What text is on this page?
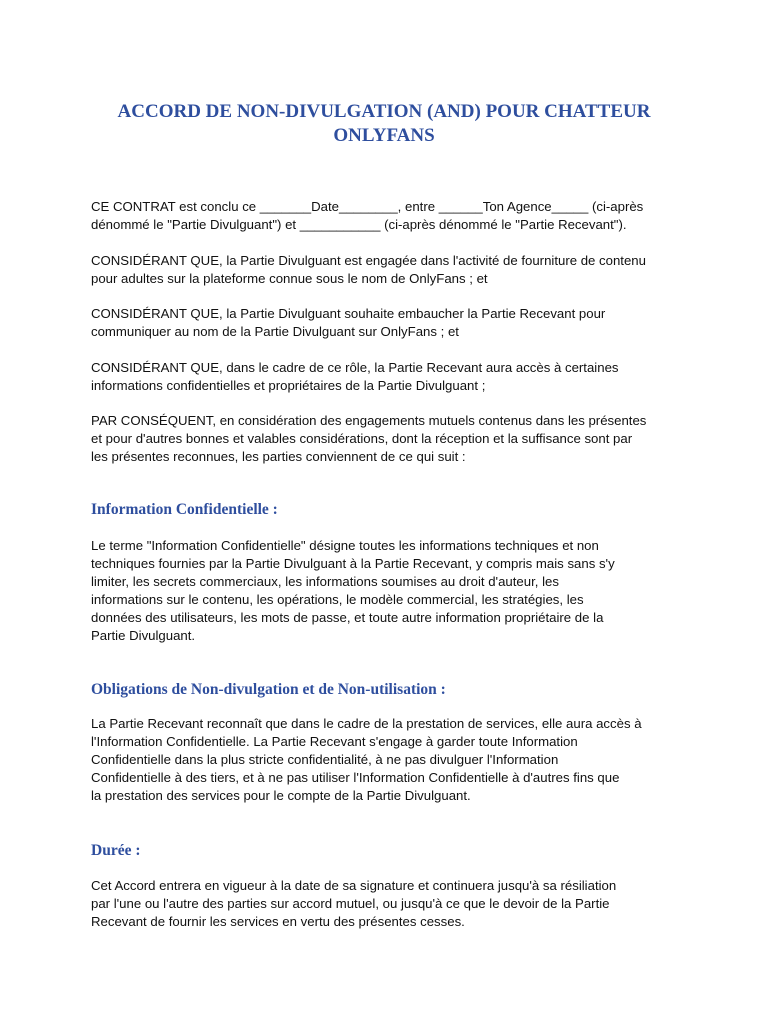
ACCORD DE NON-DIVULGATION (AND) POUR CHATTEUR
ONLYFANS
CE CONTRAT est conclu ce _______Date________, entre ______Ton Agence_____ (ci-après
dénommé le "Partie Divulguant") et ___________ (ci-après dénommé le "Partie Recevant").
CONSIDÉRANT QUE, la Partie Divulguant est engagée dans l'activité de fourniture de contenu
pour adultes sur la plateforme connue sous le nom de OnlyFans ; et
CONSIDÉRANT QUE, la Partie Divulguant souhaite embaucher la Partie Recevant pour
communiquer au nom de la Partie Divulguant sur OnlyFans ; et
CONSIDÉRANT QUE, dans le cadre de ce rôle, la Partie Recevant aura accès à certaines
informations confidentielles et propriétaires de la Partie Divulguant ;
PAR CONSÉQUENT, en considération des engagements mutuels contenus dans les présentes
et pour d'autres bonnes et valables considérations, dont la réception et la suffisance sont par
les présentes reconnues, les parties conviennent de ce qui suit :
Information Confidentielle :
Le terme "Information Confidentielle" désigne toutes les informations techniques et non
techniques fournies par la Partie Divulguant à la Partie Recevant, y compris mais sans s'y
limiter, les secrets commerciaux, les informations soumises au droit d'auteur, les
informations sur le contenu, les opérations, le modèle commercial, les stratégies, les
données des utilisateurs, les mots de passe, et toute autre information propriétaire de la
Partie Divulguant.
Obligations de Non-divulgation et de Non-utilisation :
La Partie Recevant reconnaît que dans le cadre de la prestation de services, elle aura accès à
l'Information Confidentielle. La Partie Recevant s'engage à garder toute Information
Confidentielle dans la plus stricte confidentialité, à ne pas divulguer l'Information
Confidentielle à des tiers, et à ne pas utiliser l'Information Confidentielle à d'autres fins que
la prestation des services pour le compte de la Partie Divulguant.
Durée :
Cet Accord entrera en vigueur à la date de sa signature et continuera jusqu'à sa résiliation
par l'une ou l'autre des parties sur accord mutuel, ou jusqu'à ce que le devoir de la Partie
Recevant de fournir les services en vertu des présentes cesses.
